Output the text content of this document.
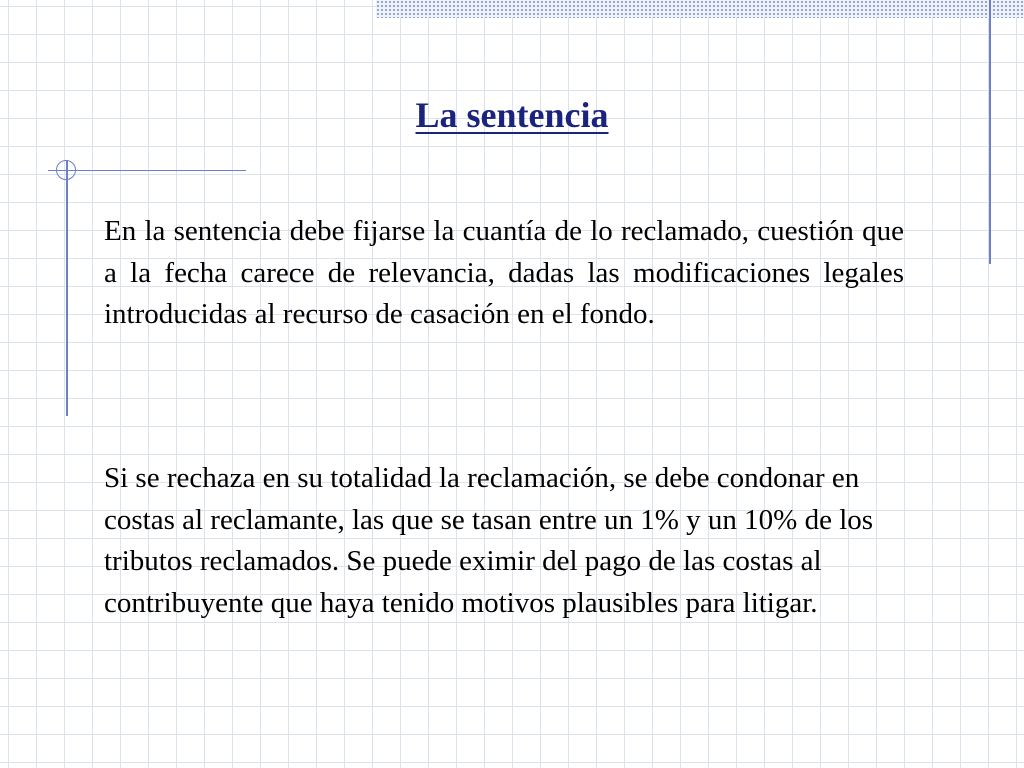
La sentencia

En la sentencia debe fijarse la cuantía de lo reclamado, cuestión que a la fecha carece de relevancia, dadas las modificaciones legales introducidas al recurso de casación en el fondo.

Si se rechaza en su totalidad la reclamación, se debe condonar en costas al reclamante, las que se tasan entre un 1% y un 10% de los tributos reclamados. Se puede eximir del pago de las costas al contribuyente que haya tenido motivos plausibles para litigar.
